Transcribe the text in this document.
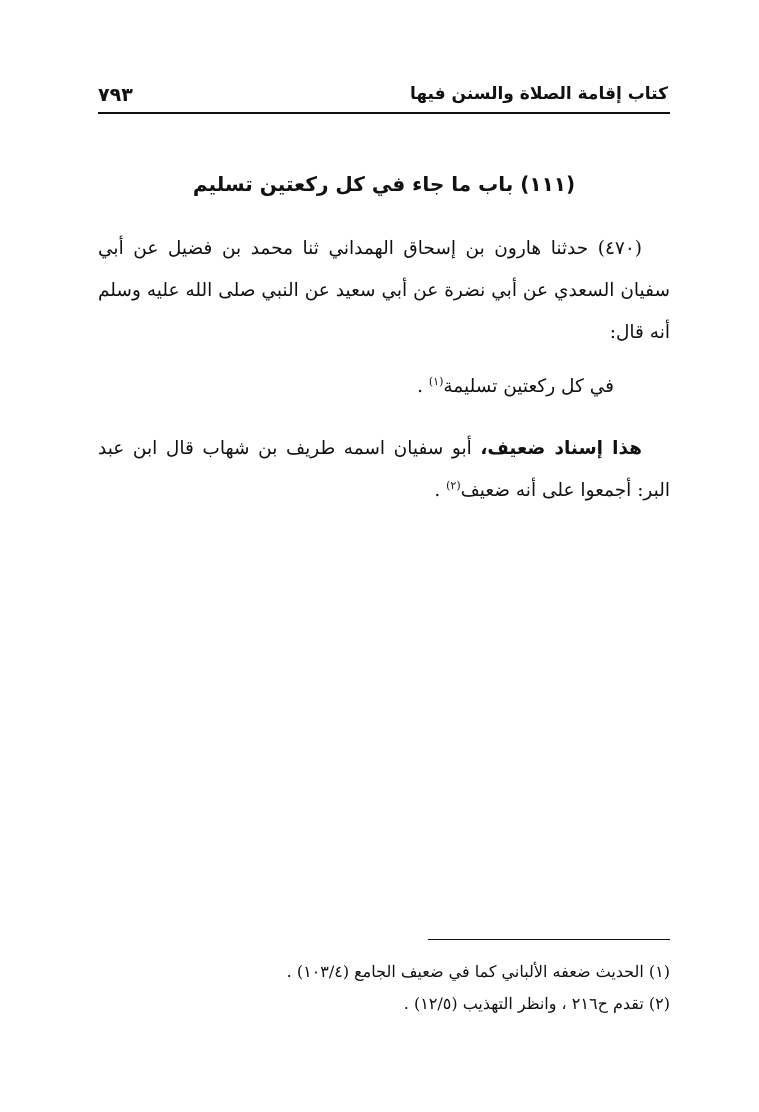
كتاب إقامة الصلاة والسنن فيها
٧٩٣
(١١١) باب ما جاء في كل ركعتين تسليم

(٤٧٠) حدثنا هارون بن إسحاق الهمداني ثنا محمد بن فضيل عن أبي سفيان السعدي عن أبي نضرة عن أبي سعيد عن النبي صلى الله عليه وسلم أنه قال:

في كل ركعتين تسليمة$^{(١)}$ .

هذا إسناد ضعيف، أبو سفيان اسمه طريف بن شهاب قال ابن عبد البر: أجمعوا على أنه ضعيف$^{(٢)}$ .

(١) الحديث ضعفه الألباني كما في ضعيف الجامع (١٠٣/٤) .

(٢) تقدم ح٢١٦ ، وانظر التهذيب (١٢/٥) .
